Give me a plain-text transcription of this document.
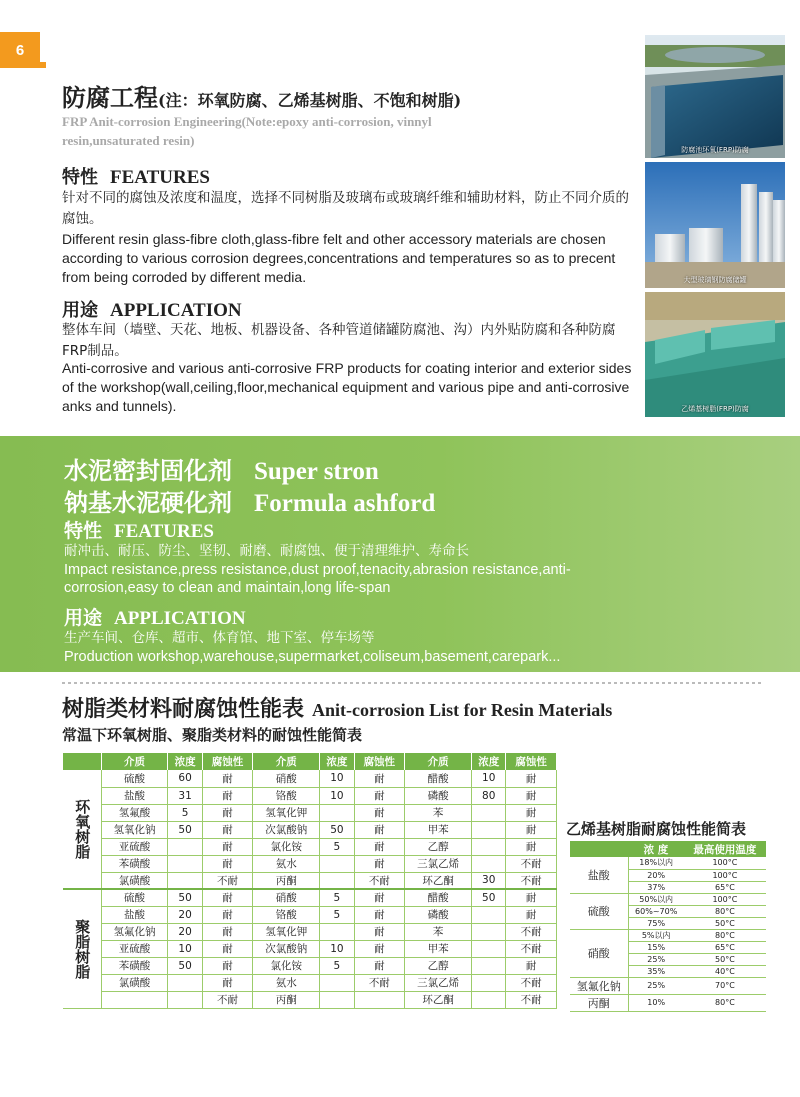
6
防腐池环氧(FRP)防腐
大型玻璃钢防腐储罐
乙烯基树脂(FRP)防腐
防腐工程(注：环氧防腐、乙烯基树脂、不饱和树脂)
FRP Anit-corrosion Engineering(Note:epoxy anti-corrosion, vinnyl resin,unsaturated resin)
特性 FEATURES
针对不同的腐蚀及浓度和温度，选择不同树脂及玻璃布或玻璃纤维和辅助材料，防止不同介质的腐蚀。
Different resin glass-fibre cloth,glass-fibre felt and other accessory materials are chosen according to various corrosion degrees,concentrations and temperatures so as to precent from being corroded by different media.
用途 APPLICATION
整体车间（墙壁、天花、地板、机器设备、各种管道储罐防腐池、沟）内外贴防腐和各种防腐FRP制品。
Anti-corrosive and various anti-corrosive FRP products for coating interior and exterior sides of the workshop(wall,ceiling,floor,mechanical equipment and various pipe and anti-corrosive anks and tunnels).
水泥密封固化剂 Super stron
钠基水泥硬化剂 Formula ashford
特性 FEATURES
耐冲击、耐压、防尘、坚韧、耐磨、耐腐蚀、便于清理维护、寿命长
Impact resistance,press resistance,dust proof,tenacity,abrasion resistance,anti-corrosion,easy to clean and maintain,long life-span
用途 APPLICATION
生产车间、仓库、超市、体育馆、地下室、停车场等
Production workshop,warehouse,supermarket,coliseum,basement,carepark...
树脂类材料耐腐蚀性能表 Anit-corrosion List for Resin Materials
常温下环氧树脂、聚脂类材料的耐蚀性能简表
	介质	浓度	腐蚀性	介质	浓度	腐蚀性	介质	浓度	腐蚀性
环氧树脂	硫酸	60	耐	硝酸	10	耐	醋酸	10	耐
	盐酸	31	耐	铬酸	10	耐	磷酸	80	耐
	氢氟酸	5	耐	氢氧化钾		耐	苯		耐
	氢氧化钠	50	耐	次氯酸钠	50	耐	甲苯		耐
	亚硫酸		耐	氯化铵	5	耐	乙醇		耐
	苯磺酸		耐	氨水		耐	三氯乙烯		不耐
	氯磺酸		不耐	丙酮		不耐	环乙酮	30	不耐
聚脂树脂	硫酸	50	耐	硝酸	5	耐	醋酸	50	耐
	盐酸	20	耐	铬酸	5	耐	磷酸		耐
	氢氟化钠	20	耐	氢氧化钾		耐	苯		不耐
	亚硫酸	10	耐	次氯酸钠	10	耐	甲苯		不耐
	苯磺酸	50	耐	氯化铵	5	耐	乙醇		耐
	氯磺酸		耐	氨水		不耐	三氯乙烯		不耐
			不耐	丙酮			环乙酮		不耐
乙烯基树脂耐腐蚀性能简表
	浓 度	最高使用温度
盐酸	18%以内	100°C
	20%	100°C
	37%	65°C
硫酸	50%以内	100°C
	60%~70%	80°C
	75%	50°C
硝酸	5%以内	80°C
	15%	65°C
	25%	50°C
	35%	40°C
氢氟化钠	25%	70°C
丙酮	10%	80°C
